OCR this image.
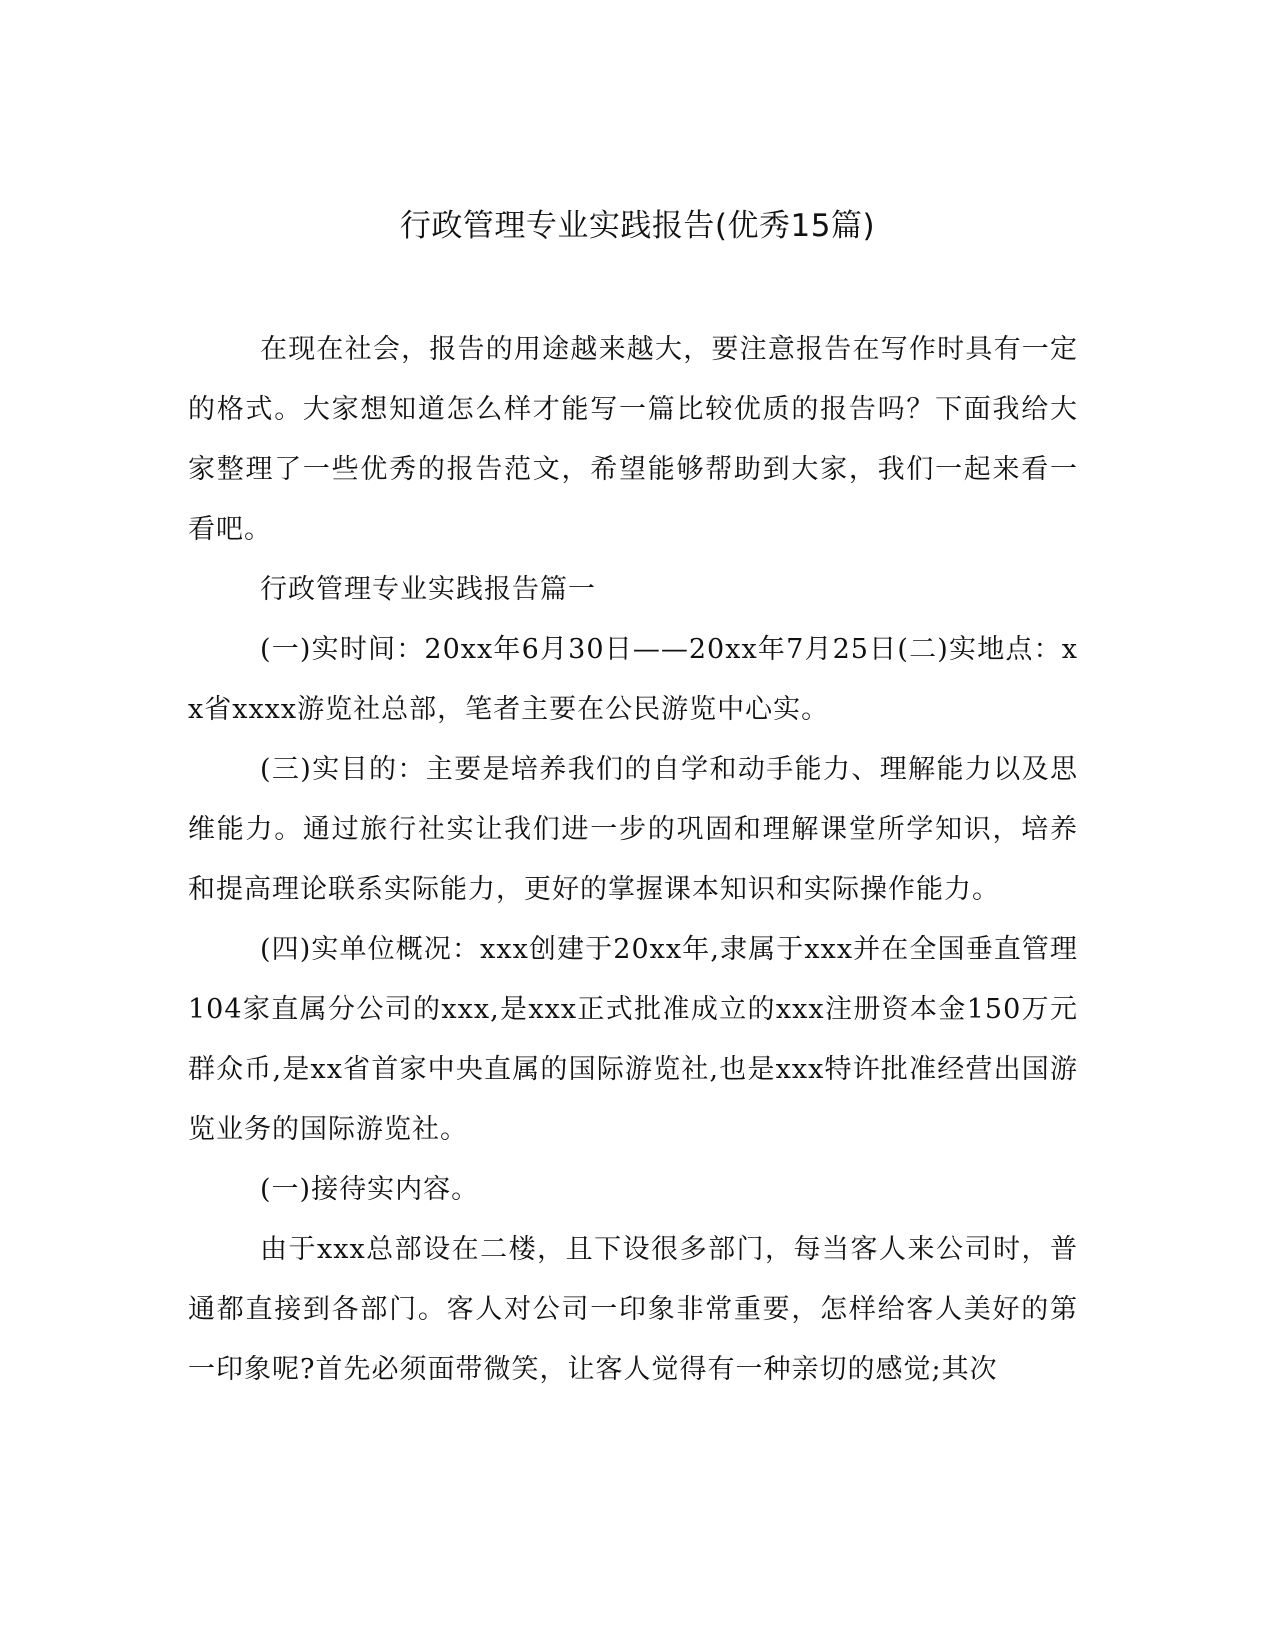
行政管理专业实践报告(优秀15篇)

在现在社会，报告的用途越来越大，要注意报告在写作时具有一定的格式。大家想知道怎么样才能写一篇比较优质的报告吗？下面我给大家整理了一些优秀的报告范文，希望能够帮助到大家，我们一起来看一看吧。

行政管理专业实践报告篇一

(一)实时间：20xx年6月30日——20xx年7月25日(二)实地点：xx省xxxx游览社总部，笔者主要在公民游览中心实。

(三)实目的：主要是培养我们的自学和动手能力、理解能力以及思维能力。通过旅行社实让我们进一步的巩固和理解课堂所学知识，培养和提高理论联系实际能力，更好的掌握课本知识和实际操作能力。

(四)实单位概况：xxx创建于20xx年,隶属于xxx并在全国垂直管理104家直属分公司的xxx,是xxx正式批准成立的xxx注册资本金150万元群众币,是xx省首家中央直属的国际游览社,也是xxx特许批准经营出国游览业务的国际游览社。

(一)接待实内容。

由于xxx总部设在二楼，且下设很多部门，每当客人来公司时，普通都直接到各部门。客人对公司一印象非常重要，怎样给客人美好的第一印象呢?首先必须面带微笑，让客人觉得有一种亲切的感觉;其次
